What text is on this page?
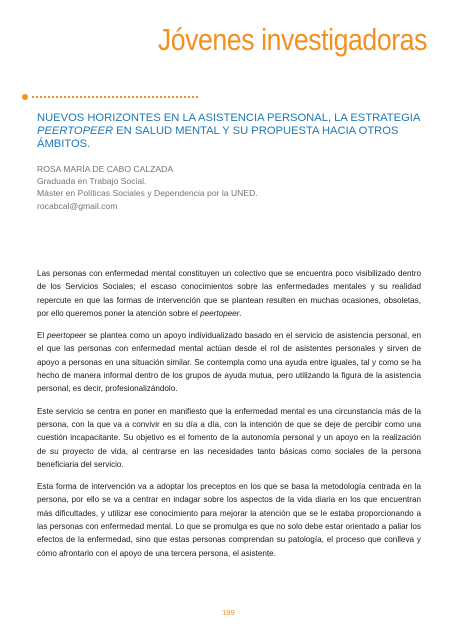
Jóvenes investigadoras
NUEVOS HORIZONTES EN LA ASISTENCIA PERSONAL, LA ESTRATEGIA PEERTOPEER EN SALUD MENTAL Y SU PROPUESTA HACIA OTROS ÁMBITOS.
ROSA MARÍA DE CABO CALZADA
Graduada en Trabajo Social.
Máster en Políticas Sociales y Dependencia por la UNED.
rocabcal@gmail.com

Las personas con enfermedad mental constituyen un colectivo que se encuentra poco visibilizado dentro de los Servicios Sociales; el escaso conocimientos sobre las enfermedades mentales y su realidad repercute en que las formas de intervención que se plantean resulten en muchas ocasiones, obsoletas, por ello queremos poner la atención sobre el peertopeer.

El peertopeer se plantea como un apoyo individualizado basado en el servicio de asistencia personal, en el que las personas con enfermedad mental actúan desde el rol de asistentes personales y sirven de apoyo a personas en una situación similar. Se contempla como una ayuda entre iguales, tal y como se ha hecho de manera informal dentro de los grupos de ayuda mutua, pero utilizando la figura de la asistencia personal, es decir, profesionalizándolo.

Este servicio se centra en poner en manifiesto que la enfermedad mental es una circunstancia más de la persona, con la que va a convivir en su día a día, con la intención de que se deje de percibir como una cuestión incapacitante. Su objetivo es el fomento de la autonomía personal y un apoyo en la realización de su proyecto de vida, al centrarse en las necesidades tanto básicas como sociales de la persona beneficiaria del servicio.

Esta forma de intervención va a adoptar los preceptos en los que se basa la metodología centrada en la persona, por ello se va a centrar en indagar sobre los aspectos de la vida diaria en los que encuentran más dificultades, y utilizar ese conocimiento para mejorar la atención que se le estaba proporcionando a las personas con enfermedad mental. Lo que se promulga es que no solo debe estar orientado a paliar los efectos de la enfermedad, sino que estas personas comprendan su patología, el proceso que conlleva y cómo afrontarlo con el apoyo de una tercera persona, el asistente.

199
